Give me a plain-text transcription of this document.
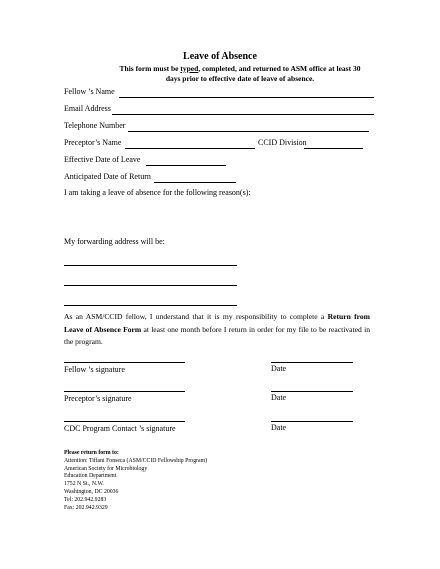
Leave of Absence
This form must be typed, completed, and returned to ASM office at least 30
days prior to effective date of leave of absence.
Fellow ’s Name
Email Address
Telephone Number
Preceptor’s Name	CCID Division
Effective Date of Leave
Anticipated Date of Return
I am taking a leave of absence for the following reason(s):
My forwarding address will be:
As an ASM/CCID fellow, I understand that it is my responsibility to complete a Return from Leave of Absence Form at least one month before I return in order for my file to be reactivated in the program.
Fellow ’s signature	Date
Preceptor’s signature	Date
CDC Program Contact ’s signature	Date
Please return form to:
Attention: Tiffani Fonseca (ASM/CCID Fellowship Program)
American Society for Microbiology
Education Department
1752 N St., N.W.
Washington, DC 20036
Tel: 202.942.9283
Fax: 202.942.9329
